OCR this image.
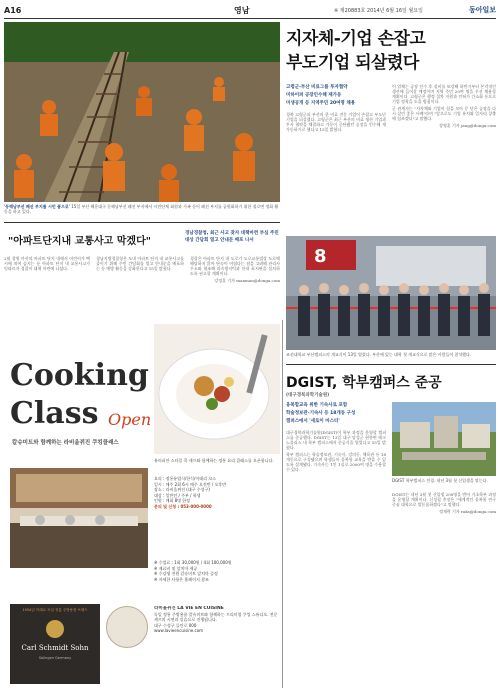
A16	영남	※ 제20883호 2014년 6월 16일 월요일	동아일보
'동해남부선 폐선 부지를 시민 품으로' 15일 부산 해운대구 동해남부선 폐선 부지에서 시민단체 회원과 가족 등이 폐선 부지를 공원화하기 위한 철로변 정화 활동을 하고 있다.
"아파트단지내 교통사고 막겠다"
경남경찰청, 최근 사고 잦자 대책마련 부심 주민대상 간담회 열고 안내문 배포 나서

2월 창원 마산의 아파트 단지 내에서 어린이가 택시에 치여 숨지는 등 아파트 단지 내 교통사고가 잇따르자 경찰이 대책 마련에 나섰다.

경남지방경찰청은 도내 아파트 단지 내 교통사고를 줄이기 위해 주민 간담회를 열고 안내문을 배포하는 등 예방 활동을 강화한다고 15일 밝혔다.

경찰은 아파트 단지 내 도로가 도로교통법상 도로에 해당하지 않아 단속이 어렵다는 점을 고려해 관리사무소와 협조해 과속방지턱과 안내 표지판을 설치하도록 권고할 계획이다.

강정훈 기자 manman@donga.com

지자체-기업 손잡고
부도기업 되살렸다
고령군-부산 비료그룹 투자협약
미하이퍼 공장인수해 재가동
미생공개 등 지역주민 20여명 채용

경북 고령군과 부산의 한 비료 전문 기업이 손잡고 부도난 기업을 되살렸다. 고령군은 최근 부산의 비료 생산 기업과 투자 협약을 체결하고 가동이 중단됐던 공장을 인수해 재가동하기로 했다고 15일 밝혔다.

이 업체는 공장 인수 후 설비를 보강해 하반기부터 본격적인 생산에 들어갈 예정이며 지역 주민 20여 명을 우선 채용할 계획이다. 고령군은 행정 절차 지원과 인허가 간소화 등으로 기업 정착을 도울 방침이다.

군 관계자는 "지자체와 기업이 힘을 모아 문 닫은 공장을 다시 살린 좋은 사례"라며 "앞으로도 기업 유치와 일자리 창출에 힘쓰겠다"고 말했다.

장영훈 기자 jang@donga.com

8
조선대학교 부산캠퍼스의 개교식이 13일 열렸다. 부산에 있는 대학 첫 개교식으로 많은 사람들이 참석했다.
DGIST, 학부캠퍼스 준공
(대구경북과학기술원)
융복합교육 위한 기숙사로 포함
학술정보관-기숙사 등 18개동 구성
캠퍼스에서 '새로이 마스터'

대구경북과학기술원(DGIST)이 학부 과정을 운영할 캠퍼스를 준공했다. DGIST는 13일 대구 달성군 현풍면 테크노폴리스 내 학부 캠퍼스에서 준공식을 열었다고 15일 밝혔다.

학부 캠퍼스는 학술정보관, 기숙사, 강의동, 체육관 등 18개동으로 구성됐으며 학생들이 융복합 교육을 받을 수 있도록 설계됐다. 기숙사는 1인 1실로 2000여 명을 수용할 수 있다.

DGIST 학부캠퍼스 전경. 내년 3월 첫 신입생을 맞는다.

DGIST는 내년 3월 첫 신입생 200명을 받아 기초학부 과정을 운영할 계획이다. 신성철 총장은 "세계적인 융복합 연구중심 대학으로 발돋움하겠다"고 말했다.

정재락 기자 raks@donga.com

Cooking
Class Open
칼슈미트와 함께하는 라비올뀌진 쿠킹클래스
유러피안 스타일 쿡 셰프와 함께하는 정통 요리 클래스를 오픈합니다.
요리 : 정통유럽식/한식/이태리 코스
일시 : 매주 2회 6시 매주 오전반 / 오후반
장소 : 라비올뀌진 (대구 수성구)
대상 : 일반인 / 주부 / 학생
인원 : 매회 8명 한정
문의 및 신청 : 053-000-0000
※ 수업료 : 1회 30,000원 / 4회 100,000원
※ 재료비 및 앞치마 제공
※ 수강생 전원 칼슈미트 앞치마 증정
※ 자세한 사항은 홈페이지 참조
1954년 이래로 독일 정통 주방용품 브랜드
Carl Schmidt Sohn
Solingen Germany
라비올뀌진 LA VIE EN CUISINE
독일 정통 주방용품 칼슈미트와 함께하는 프리미엄 쿠킹 스튜디오. 전문 셰프의 시연과 실습으로 진행됩니다.
대구 수성구 들안로 000
www.lavieencuisine.com
